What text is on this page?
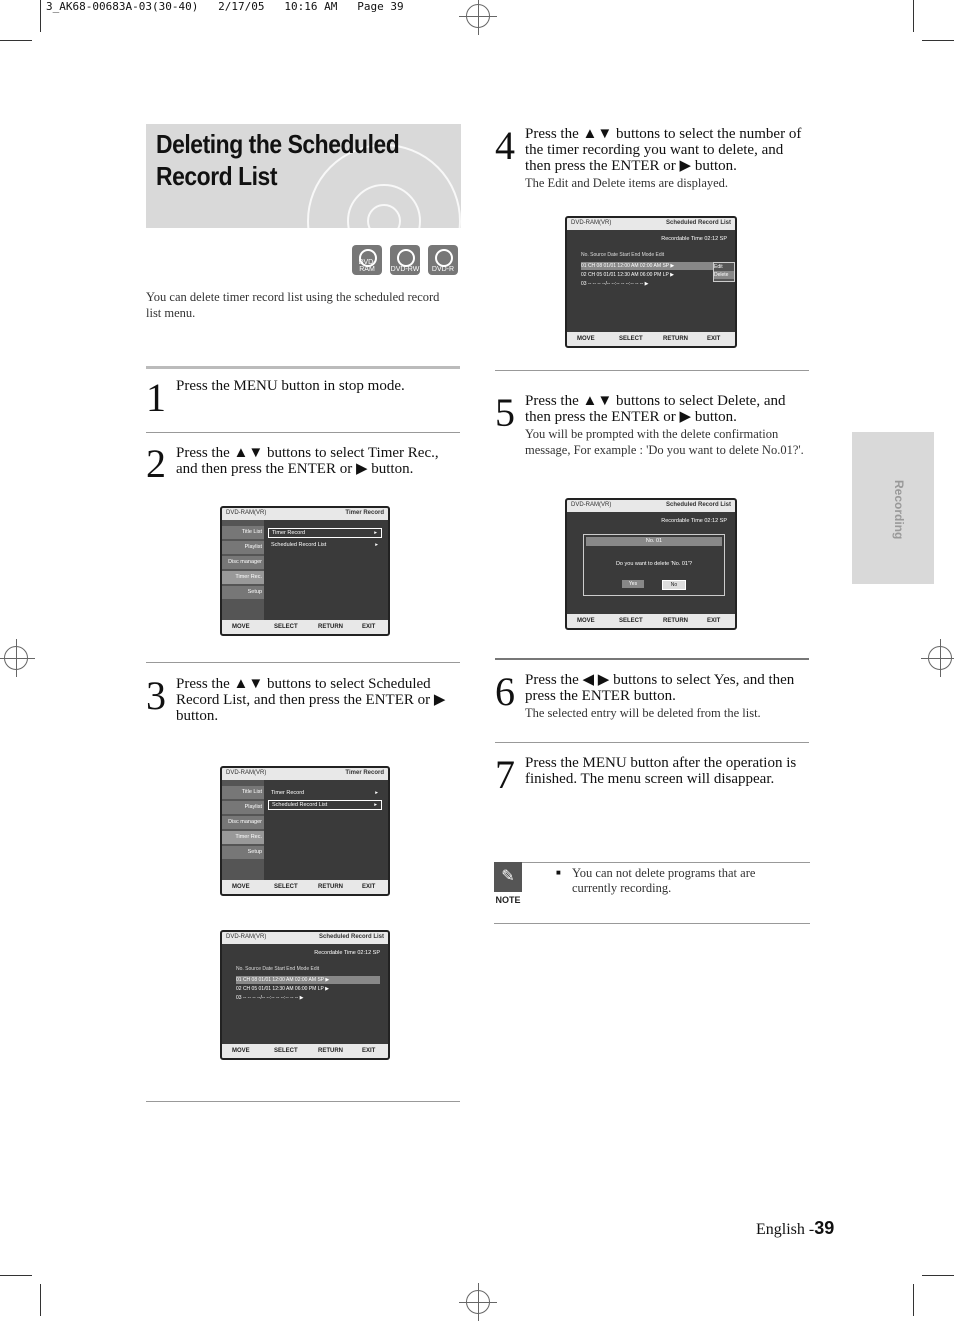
3_AK68-00683A-03(30-40)   2/17/05   10:16 AM   Page 39
Deleting the Scheduled Record List
DVD-RAM	DVD-RW	DVD-R
You can delete timer record list using the scheduled record list menu.
1 Press the MENU button in stop mode.
2 Press the ▲▼ buttons to select Timer Rec., and then press the ENTER or ▶ button.
DVD-RAM(VR)	Timer Record
Title List
Playlist
Disc manager
Timer Rec.
Setup
Timer Record	▸
Scheduled Record List	▸
MOVE	SELECT	RETURN	EXIT
3 Press the ▲▼ buttons to select Scheduled Record List, and then press the ENTER or ▶ button.
DVD-RAM(VR)	Timer Record
Title List
Playlist
Disc manager
Timer Rec.
Setup
Timer Record	▸
Scheduled Record List	▸
MOVE	SELECT	RETURN	EXIT
DVD-RAM(VR)	Scheduled Record List
Recordable Time 02:12 SP
No. Source Date Start End Mode Edit
01 CH 08 01/01 12:00 AM 02:00 AM SP ▶
02 CH 05 01/01 12:30 AM 06:00 PM LP ▶
03 -- -- -- --/-- --:-- -- --:-- -- -- ▶
MOVE	SELECT	RETURN	EXIT
4 Press the ▲▼ buttons to select the number of the timer recording you want to delete, and then press the ENTER or ▶ button.
The Edit and Delete items are displayed.
DVD-RAM(VR)	Scheduled Record List
Recordable Time 02:12 SP
No. Source Date Start End Mode Edit
01 CH 08 01/01 12:00 AM 02:00 AM SP ▶
02 CH 05 01/01 12:30 AM 06:00 PM LP ▶
03 -- -- -- --/-- --:-- -- --:-- -- -- ▶
Edit
Delete
MOVE	SELECT	RETURN	EXIT
5 Press the ▲▼ buttons to select Delete, and then press the ENTER or ▶ button.
You will be prompted with the delete confirmation message, For example : 'Do you want to delete No.01?'.
DVD-RAM(VR)	Scheduled Record List
Recordable Time 02:12 SP
No. 01
Do you want to delete 'No. 01'?
Yes	No
MOVE	SELECT	RETURN	EXIT
6 Press the ◀ ▶ buttons to select Yes, and then press the ENTER button.
The selected entry will be deleted from the list.
7 Press the MENU button after the operation is finished. The menu screen will disappear.
✎
NOTE
■ You can not delete programs that are currently recording.
Recording
English -39
